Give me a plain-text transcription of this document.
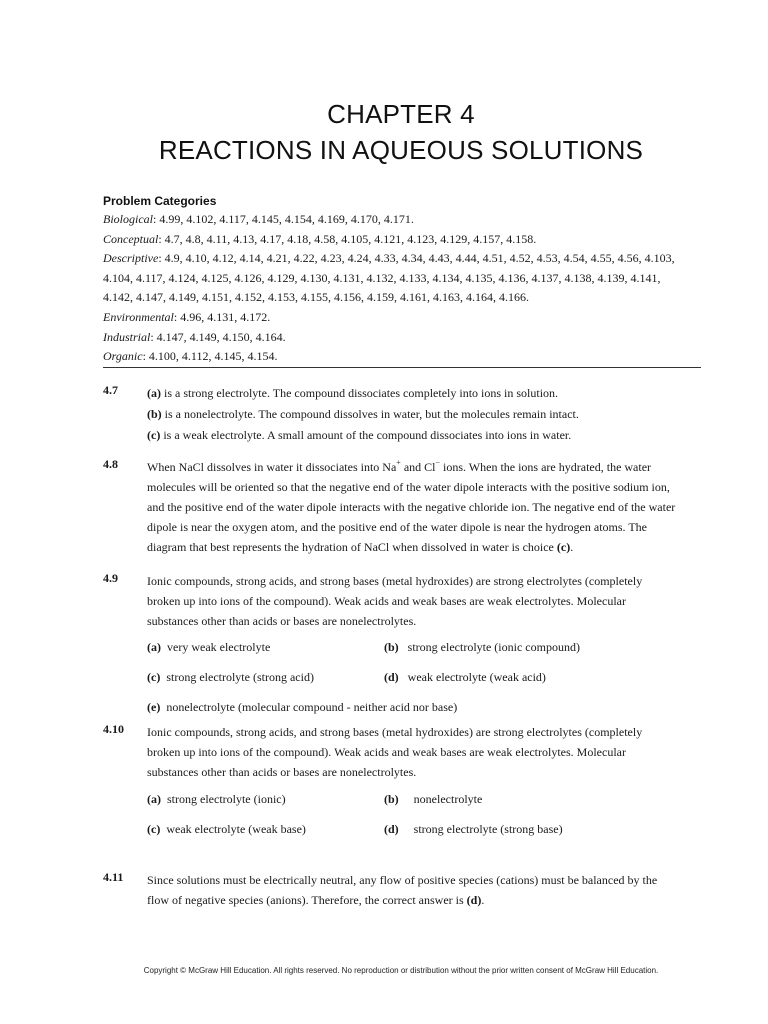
CHAPTER 4
REACTIONS IN AQUEOUS SOLUTIONS
Problem Categories
Biological: 4.99, 4.102, 4.117, 4.145, 4.154, 4.169, 4.170, 4.171.
Conceptual: 4.7, 4.8, 4.11, 4.13, 4.17, 4.18, 4.58, 4.105, 4.121, 4.123, 4.129, 4.157, 4.158.
Descriptive: 4.9, 4.10, 4.12, 4.14, 4.21, 4.22, 4.23, 4.24, 4.33, 4.34, 4.43, 4.44, 4.51, 4.52, 4.53, 4.54, 4.55, 4.56, 4.103,
4.104, 4.117, 4.124, 4.125, 4.126, 4.129, 4.130, 4.131, 4.132, 4.133, 4.134, 4.135, 4.136, 4.137, 4.138, 4.139, 4.141,
4.142, 4.147, 4.149, 4.151, 4.152, 4.153, 4.155, 4.156, 4.159, 4.161, 4.163, 4.164, 4.166.
Environmental: 4.96, 4.131, 4.172.
Industrial: 4.147, 4.149, 4.150, 4.164.
Organic: 4.100, 4.112, 4.145, 4.154.
4.7	(a) is a strong electrolyte. The compound dissociates completely into ions in solution.

(b) is a nonelectrolyte. The compound dissolves in water, but the molecules remain intact.

(c) is a weak electrolyte. A small amount of the compound dissociates into ions in water.

4.8	When NaCl dissolves in water it dissociates into Na+ and Cl− ions. When the ions are hydrated, the water

molecules will be oriented so that the negative end of the water dipole interacts with the positive sodium ion,

and the positive end of the water dipole interacts with the negative chloride ion. The negative end of the water

dipole is near the oxygen atom, and the positive end of the water dipole is near the hydrogen atoms. The

diagram that best represents the hydration of NaCl when dissolved in water is choice (c).

4.9	Ionic compounds, strong acids, and strong bases (metal hydroxides) are strong electrolytes (completely

broken up into ions of the compound). Weak acids and weak bases are weak electrolytes. Molecular

substances other than acids or bases are nonelectrolytes.

(a) very weak electrolyte	(b) strong electrolyte (ionic compound)
(c) strong electrolyte (strong acid)	(d) weak electrolyte (weak acid)
(e) nonelectrolyte (molecular compound - neither acid nor base)
4.10	Ionic compounds, strong acids, and strong bases (metal hydroxides) are strong electrolytes (completely

broken up into ions of the compound). Weak acids and weak bases are weak electrolytes. Molecular

substances other than acids or bases are nonelectrolytes.

(a) strong electrolyte (ionic)	(b) nonelectrolyte
(c) weak electrolyte (weak base)	(d) strong electrolyte (strong base)
4.11	Since solutions must be electrically neutral, any flow of positive species (cations) must be balanced by the

flow of negative species (anions). Therefore, the correct answer is (d).

Copyright © McGraw Hill Education. All rights reserved. No reproduction or distribution without the prior written consent of McGraw Hill Education.
